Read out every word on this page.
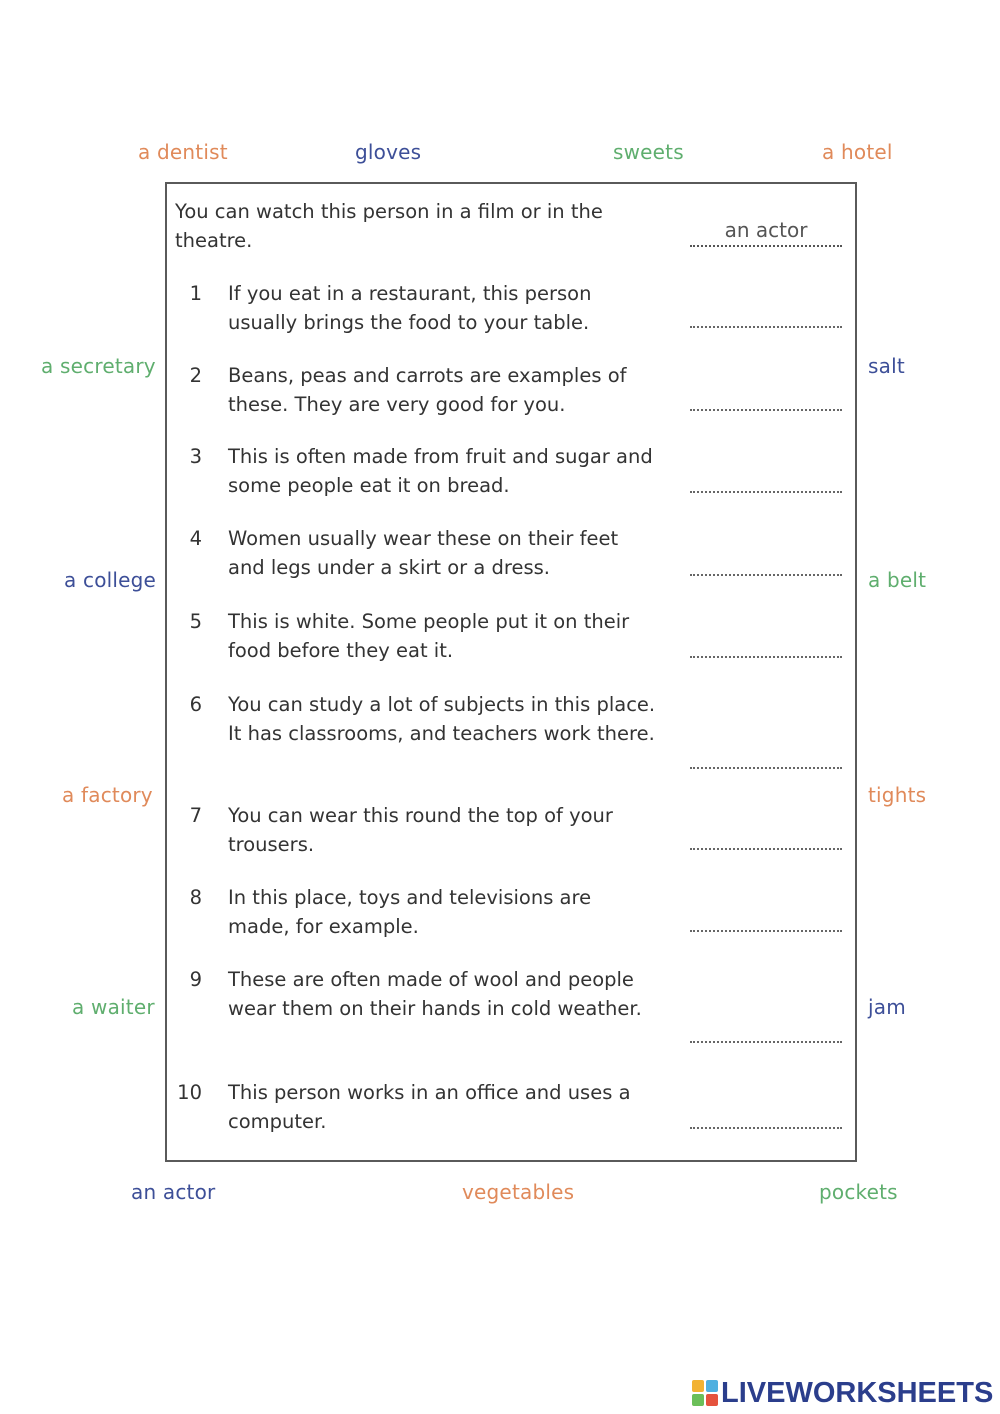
a dentist	gloves	sweets	a hotel
a secretary
a college
a factory
a waiter
salt
a belt
tights
jam
an actor	vegetables	pockets
You can watch this person in a film or in the theatre.	an actor
1 If you eat in a restaurant, this person usually brings the food to your table.
2 Beans, peas and carrots are examples of these. They are very good for you.
3 This is often made from fruit and sugar and some people eat it on bread.
4 Women usually wear these on their feet and legs under a skirt or a dress.
5 This is white. Some people put it on their food before they eat it.
6 You can study a lot of subjects in this place. It has classrooms, and teachers work there.
7 You can wear this round the top of your trousers.
8 In this place, toys and televisions are made, for example.
9 These are often made of wool and people wear them on their hands in cold weather.
10 This person works in an office and uses a computer.
LIVEWORKSHEETS
